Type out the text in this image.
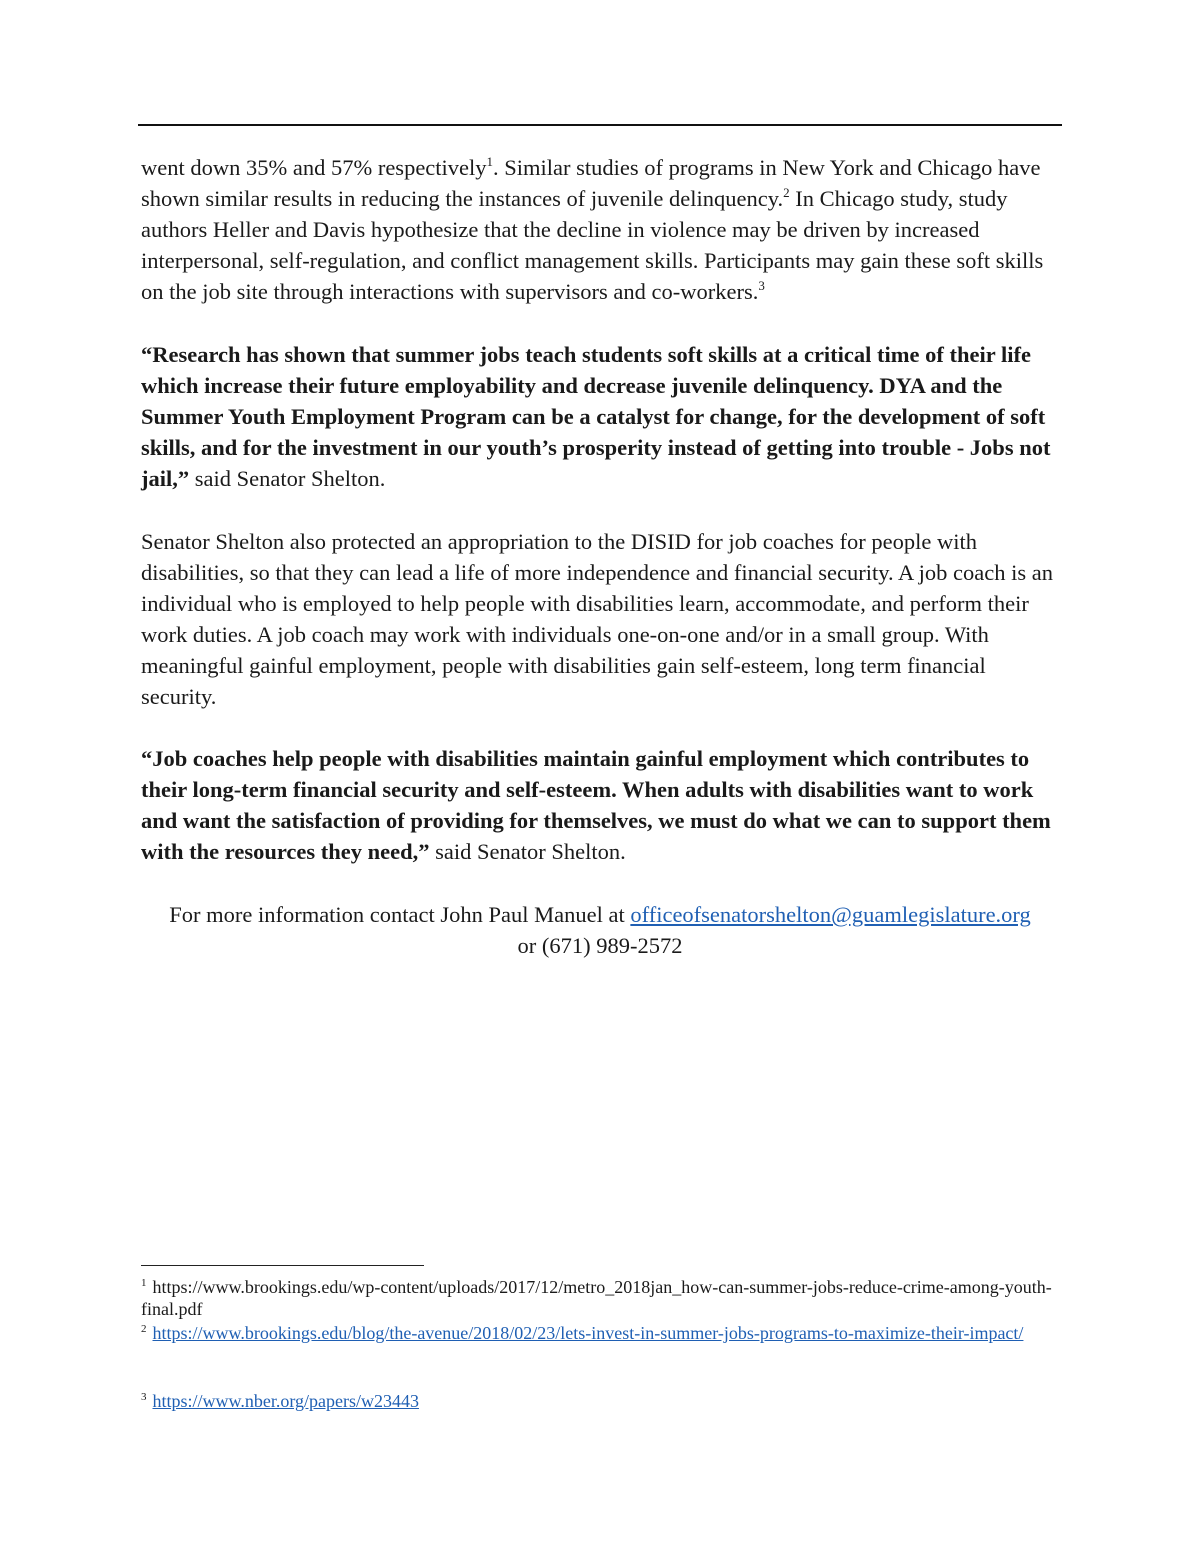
went down 35% and 57% respectively$^1$. Similar studies of programs in New York and Chicago have shown similar results in reducing the instances of juvenile delinquency.$^2$ In Chicago study, study authors Heller and Davis hypothesize that the decline in violence may be driven by increased interpersonal, self-regulation, and conflict management skills. Participants may gain these soft skills on the job site through interactions with supervisors and co-workers.$^3$

“Research has shown that summer jobs teach students soft skills at a critical time of their life which increase their future employability and decrease juvenile delinquency. DYA and the Summer Youth Employment Program can be a catalyst for change, for the development of soft skills, and for the investment in our youth’s prosperity instead of getting into trouble - Jobs not jail,” said Senator Shelton.

Senator Shelton also protected an appropriation to the DISID for job coaches for people with disabilities, so that they can lead a life of more independence and financial security. A job coach is an individual who is employed to help people with disabilities learn, accommodate, and perform their work duties. A job coach may work with individuals one-on-one and/or in a small group. With meaningful gainful employment, people with disabilities gain self-esteem, long term financial security.

“Job coaches help people with disabilities maintain gainful employment which contributes to their long-term financial security and self-esteem. When adults with disabilities want to work and want the satisfaction of providing for themselves, we must do what we can to support them with the resources they need,” said Senator Shelton.

For more information contact John Paul Manuel at officeofsenatorshelton@guamlegislature.org

or (671) 989-2572

$^1$ https://www.brookings.edu/wp-content/uploads/2017/12/metro_2018jan_how-can-summer-jobs-reduce-crime-among-youth-final.pdf

$^2$ https://www.brookings.edu/blog/the-avenue/2018/02/23/lets-invest-in-summer-jobs-programs-to-maximize-their-impact/

$^3$ https://www.nber.org/papers/w23443
